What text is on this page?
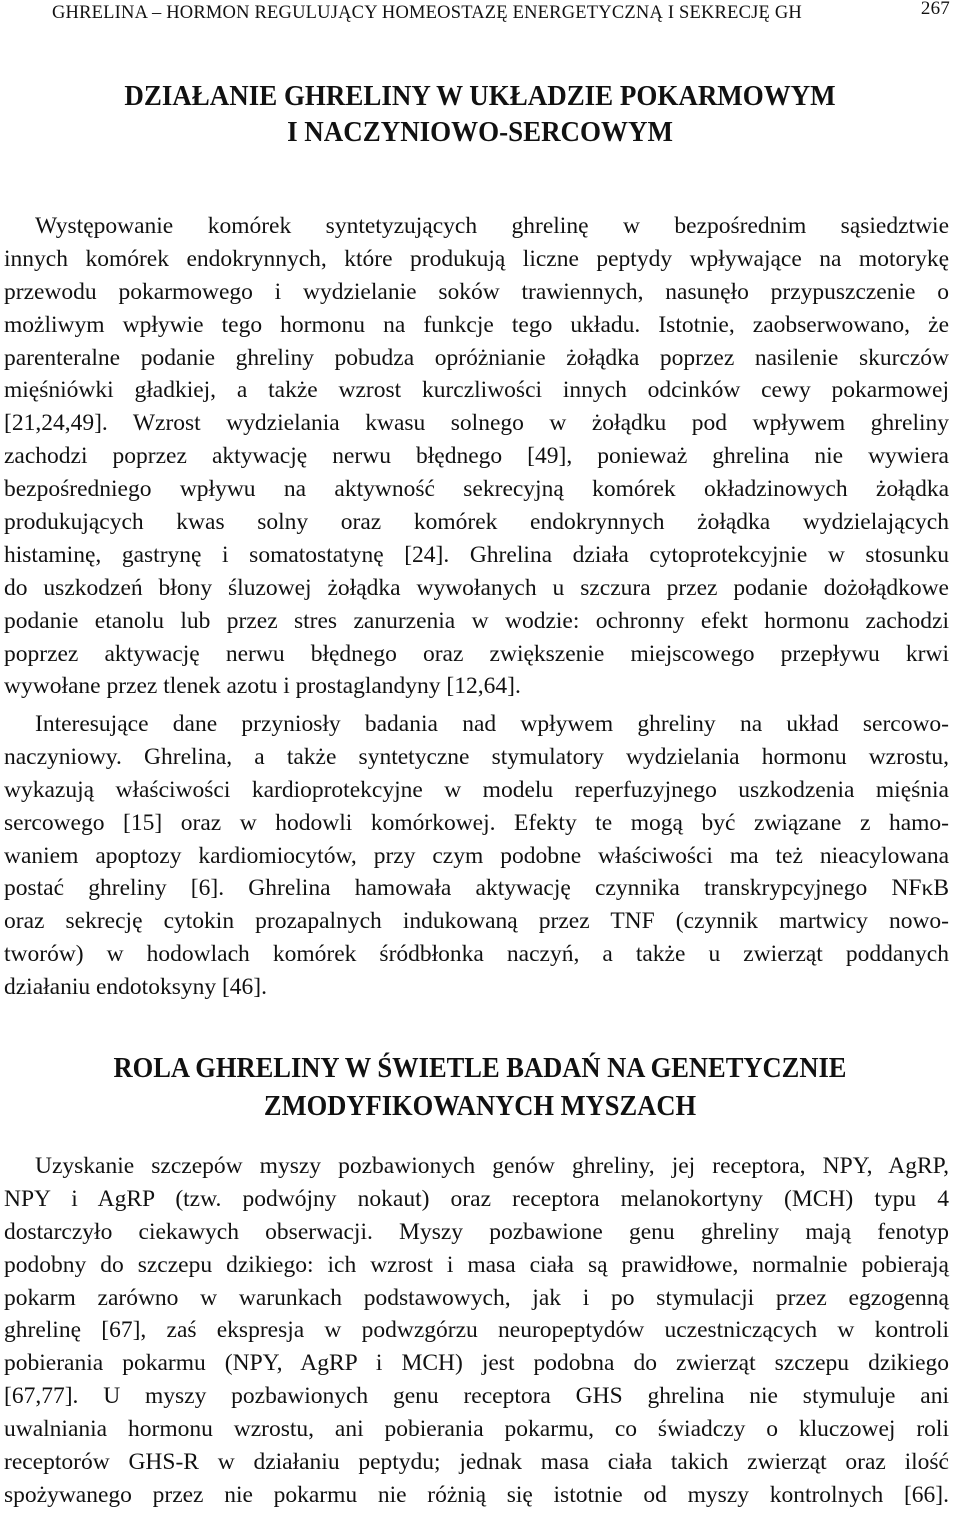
GHRELINA – HORMON REGULUJĄCY HOMEOSTAZĘ ENERGETYCZNĄ I SEKRECJĘ GH	267
DZIAŁANIE GHRELINY W UKŁADZIE POKARMOWYM
I NACZYNIOWO-SERCOWYM
Występowanie komórek syntetyzujących ghrelinę w bezpośrednim sąsiedztwie
innych komórek endokrynnych, które produkują liczne peptydy wpływające na motorykę
przewodu pokarmowego i wydzielanie soków trawiennych, nasunęło przypuszczenie o
możliwym wpływie tego hormonu na funkcje tego układu. Istotnie, zaobserwowano, że
parenteralne podanie ghreliny pobudza opróżnianie żołądka poprzez nasilenie skurczów
mięśniówki gładkiej, a także wzrost kurczliwości innych odcinków cewy pokarmowej
[21,24,49]. Wzrost wydzielania kwasu solnego w żołądku pod wpływem ghreliny
zachodzi poprzez aktywację nerwu błędnego [49], ponieważ ghrelina nie wywiera
bezpośredniego wpływu na aktywność sekrecyjną komórek okładzinowych żołądka
produkujących kwas solny oraz komórek endokrynnych żołądka wydzielających
histaminę, gastrynę i somatostatynę [24]. Ghrelina działa cytoprotekcyjnie w stosunku
do uszkodzeń błony śluzowej żołądka wywołanych u szczura przez podanie dożołądkowe
podanie etanolu lub przez stres zanurzenia w wodzie: ochronny efekt hormonu zachodzi
poprzez aktywację nerwu błędnego oraz zwiększenie miejscowego przepływu krwi
wywołane przez tlenek azotu i prostaglandyny [12,64].
Interesujące dane przyniosły badania nad wpływem ghreliny na układ sercowo-
naczyniowy. Ghrelina, a także syntetyczne stymulatory wydzielania hormonu wzrostu,
wykazują właściwości kardioprotekcyjne w modelu reperfuzyjnego uszkodzenia mięśnia
sercowego [15] oraz w hodowli komórkowej. Efekty te mogą być związane z hamo-
waniem apoptozy kardiomiocytów, przy czym podobne właściwości ma też nieacylowana
postać ghreliny [6]. Ghrelina hamowała aktywację czynnika transkrypcyjnego NFκB
oraz sekrecję cytokin prozapalnych indukowaną przez TNF (czynnik martwicy nowo-
tworów) w hodowlach komórek śródbłonka naczyń, a także u zwierząt poddanych
działaniu endotoksyny [46].
ROLA GHRELINY W ŚWIETLE BADAŃ NA GENETYCZNIE
ZMODYFIKOWANYCH MYSZACH
Uzyskanie szczepów myszy pozbawionych genów ghreliny, jej receptora, NPY, AgRP,
NPY i AgRP (tzw. podwójny nokaut) oraz receptora melanokortyny (MCH) typu 4
dostarczyło ciekawych obserwacji. Myszy pozbawione genu ghreliny mają fenotyp
podobny do szczepu dzikiego: ich wzrost i masa ciała są prawidłowe, normalnie pobierają
pokarm zarówno w warunkach podstawowych, jak i po stymulacji przez egzogenną
ghrelinę [67], zaś ekspresja w podwzgórzu neuropeptydów uczestniczących w kontroli
pobierania pokarmu (NPY, AgRP i MCH) jest podobna do zwierząt szczepu dzikiego
[67,77]. U myszy pozbawionych genu receptora GHS ghrelina nie stymuluje ani
uwalniania hormonu wzrostu, ani pobierania pokarmu, co świadczy o kluczowej roli
receptorów GHS-R w działaniu peptydu; jednak masa ciała takich zwierząt oraz ilość
spożywanego przez nie pokarmu nie różnią się istotnie od myszy kontrolnych [66].
